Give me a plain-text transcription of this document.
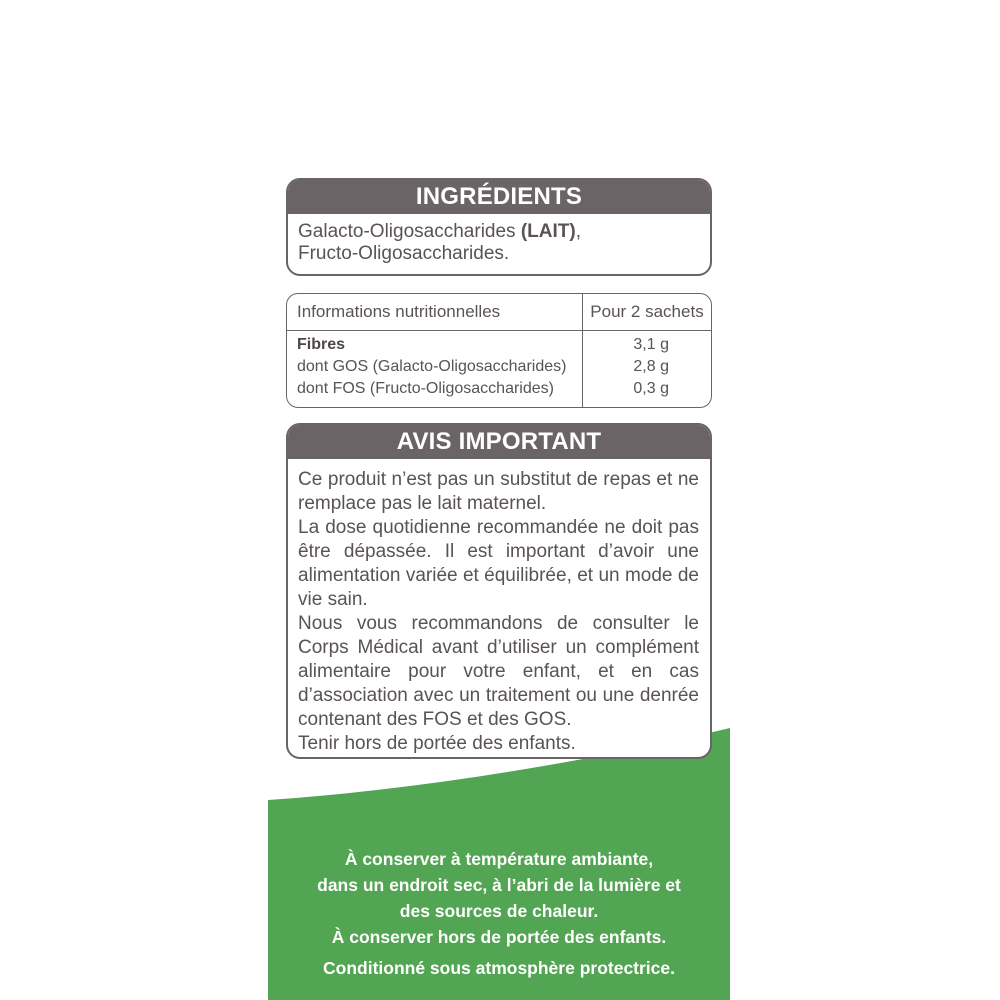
INGRÉDIENTS
Galacto-Oligosaccharides (LAIT),
Fructo-Oligosaccharides.
Informations nutritionnelles	Pour 2 sachets
Fibres
dont GOS (Galacto-Oligosaccharides)
dont FOS (Fructo-Oligosaccharides)
3,1 g
2,8 g
0,3 g
AVIS IMPORTANT

Ce produit n’est pas un substitut de repas et ne remplace pas le lait maternel.

La dose quotidienne recommandée ne doit pas être dépassée. Il est important d’avoir une alimentation variée et équilibrée, et un mode de vie sain.

Nous vous recommandons de consulter le Corps Médical avant d’utiliser un complément alimentaire pour votre enfant, et en cas d’association avec un traitement ou une denrée contenant des FOS et des GOS.

Tenir hors de portée des enfants.

À conserver à température ambiante,

dans un endroit sec, à l’abri de la lumière et

des sources de chaleur.

À conserver hors de portée des enfants.

Conditionné sous atmosphère protectrice.
